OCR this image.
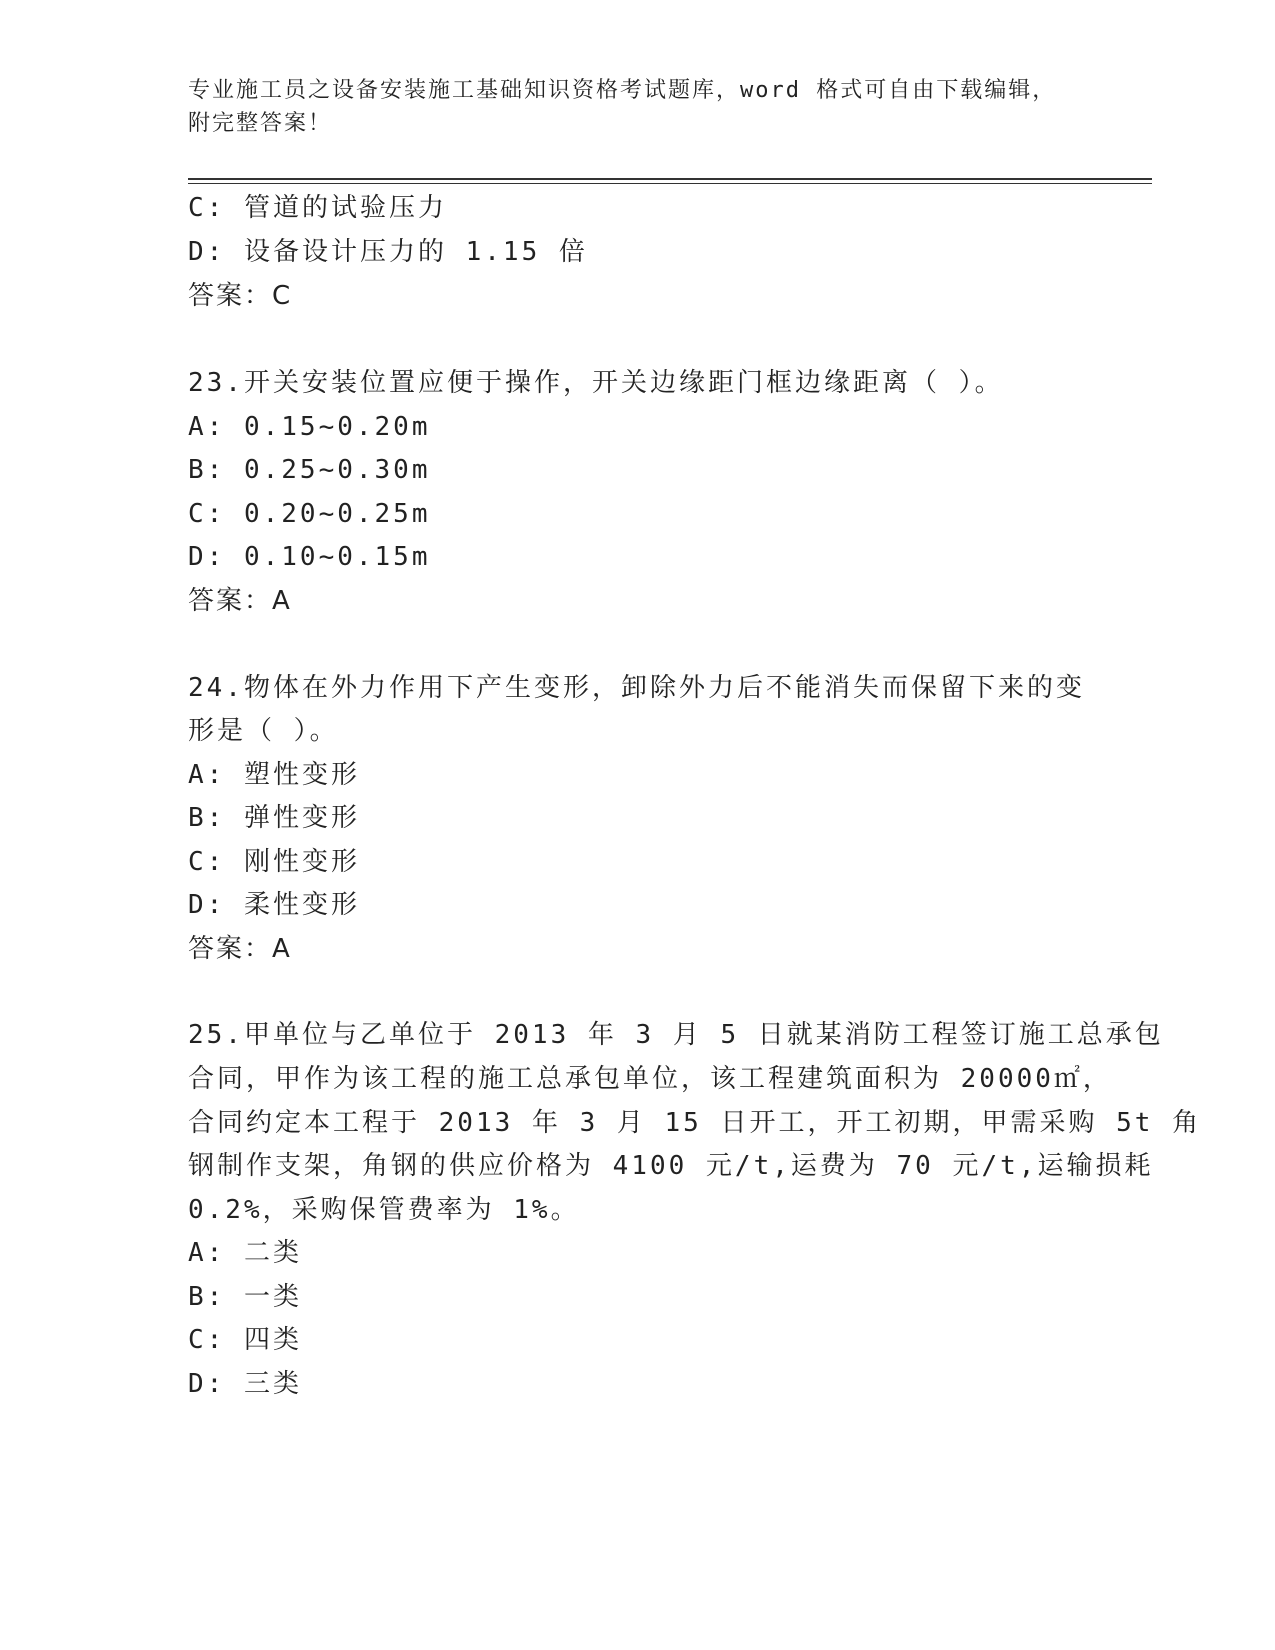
专业施工员之设备安装施工基础知识资格考试题库，word 格式可自由下载编辑，
附完整答案！
C: 管道的试验压力
D: 设备设计压力的 1.15 倍
答案：C
23.开关安装位置应便于操作，开关边缘距门框边缘距离（ ）。
A: 0.15~0.20m
B: 0.25~0.30m
C: 0.20~0.25m
D: 0.10~0.15m
答案：A
24.物体在外力作用下产生变形，卸除外力后不能消失而保留下来的变
形是（ ）。
A: 塑性变形
B: 弹性变形
C: 刚性变形
D: 柔性变形
答案：A
25.甲单位与乙单位于 2013 年 3 月 5 日就某消防工程签订施工总承包
合同，甲作为该工程的施工总承包单位，该工程建筑面积为 20000㎡，
合同约定本工程于 2013 年 3 月 15 日开工，开工初期，甲需采购 5t 角
钢制作支架，角钢的供应价格为 4100 元/t,运费为 70 元/t,运输损耗
0.2%，采购保管费率为 1%。
A: 二类
B: 一类
C: 四类
D: 三类
